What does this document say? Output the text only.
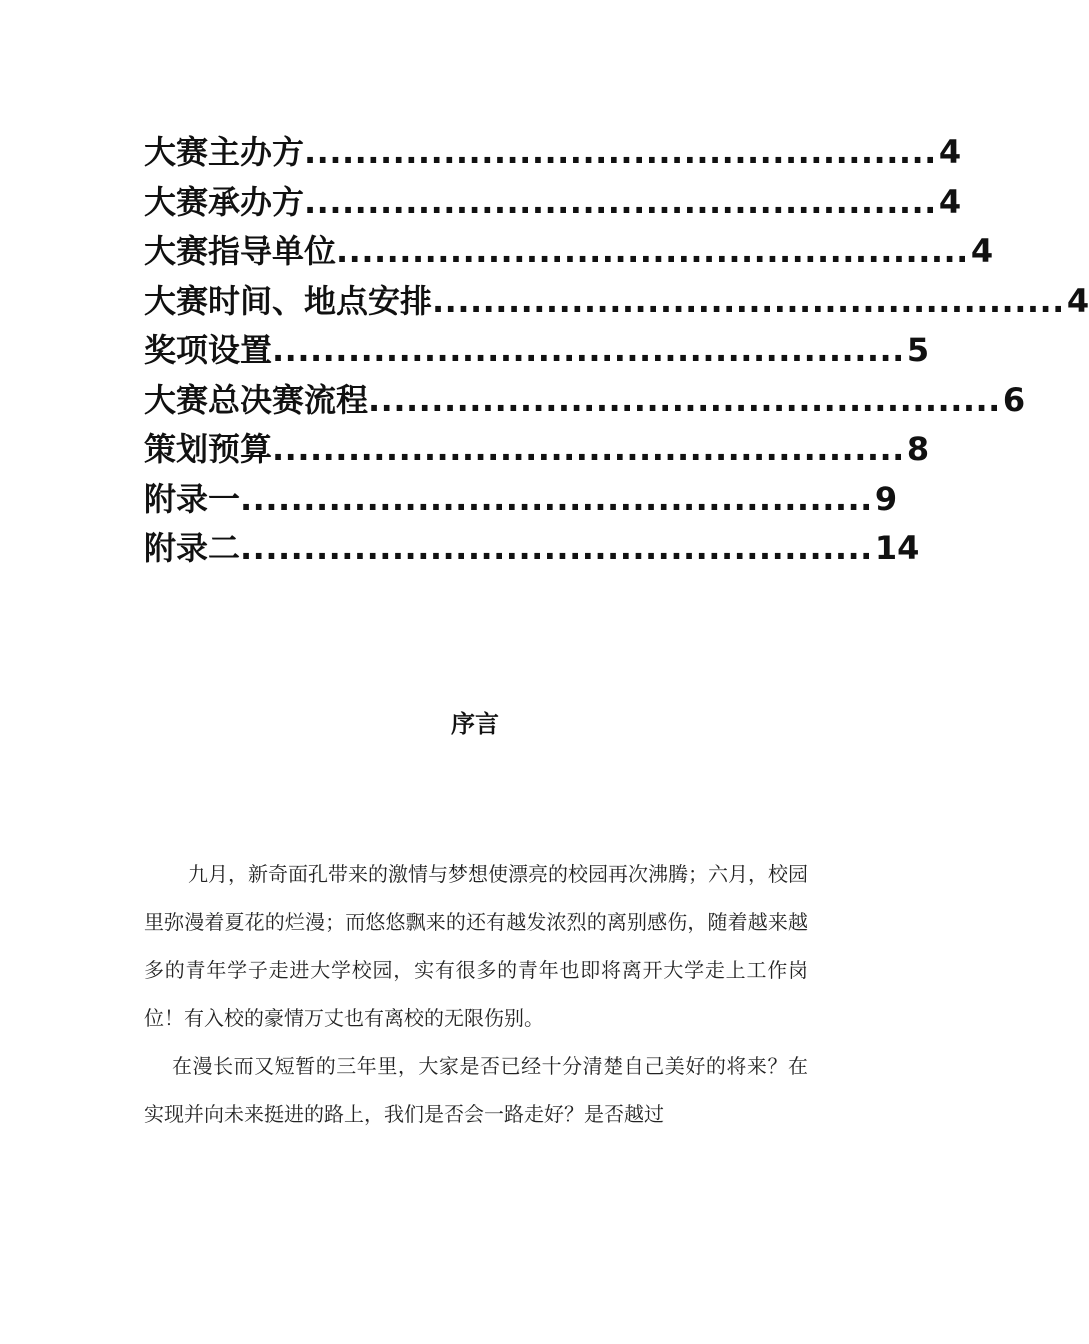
大赛主办方 .................................................. 4
大赛承办方 .................................................. 4
大赛指导单位 .................................................. 4
大赛时间、地点安排 .................................................. 4
奖项设置 .................................................. 5
大赛总决赛流程 .................................................. 6
策划预算 .................................................. 8
附录一 .................................................. 9
附录二 .................................................. 14
序言

九月，新奇面孔带来的激情与梦想使漂亮的校园再次沸腾；六月，校园里弥漫着夏花的烂漫；而悠悠飘来的还有越发浓烈的离别感伤，随着越来越多的青年学子走进大学校园，实有很多的青年也即将离开大学走上工作岗位！有入校的豪情万丈也有离校的无限伤别。

在漫长而又短暂的三年里，大家是否已经十分清楚自己美好的将来？在实现并向未来挺进的路上，我们是否会一路走好？是否越过
